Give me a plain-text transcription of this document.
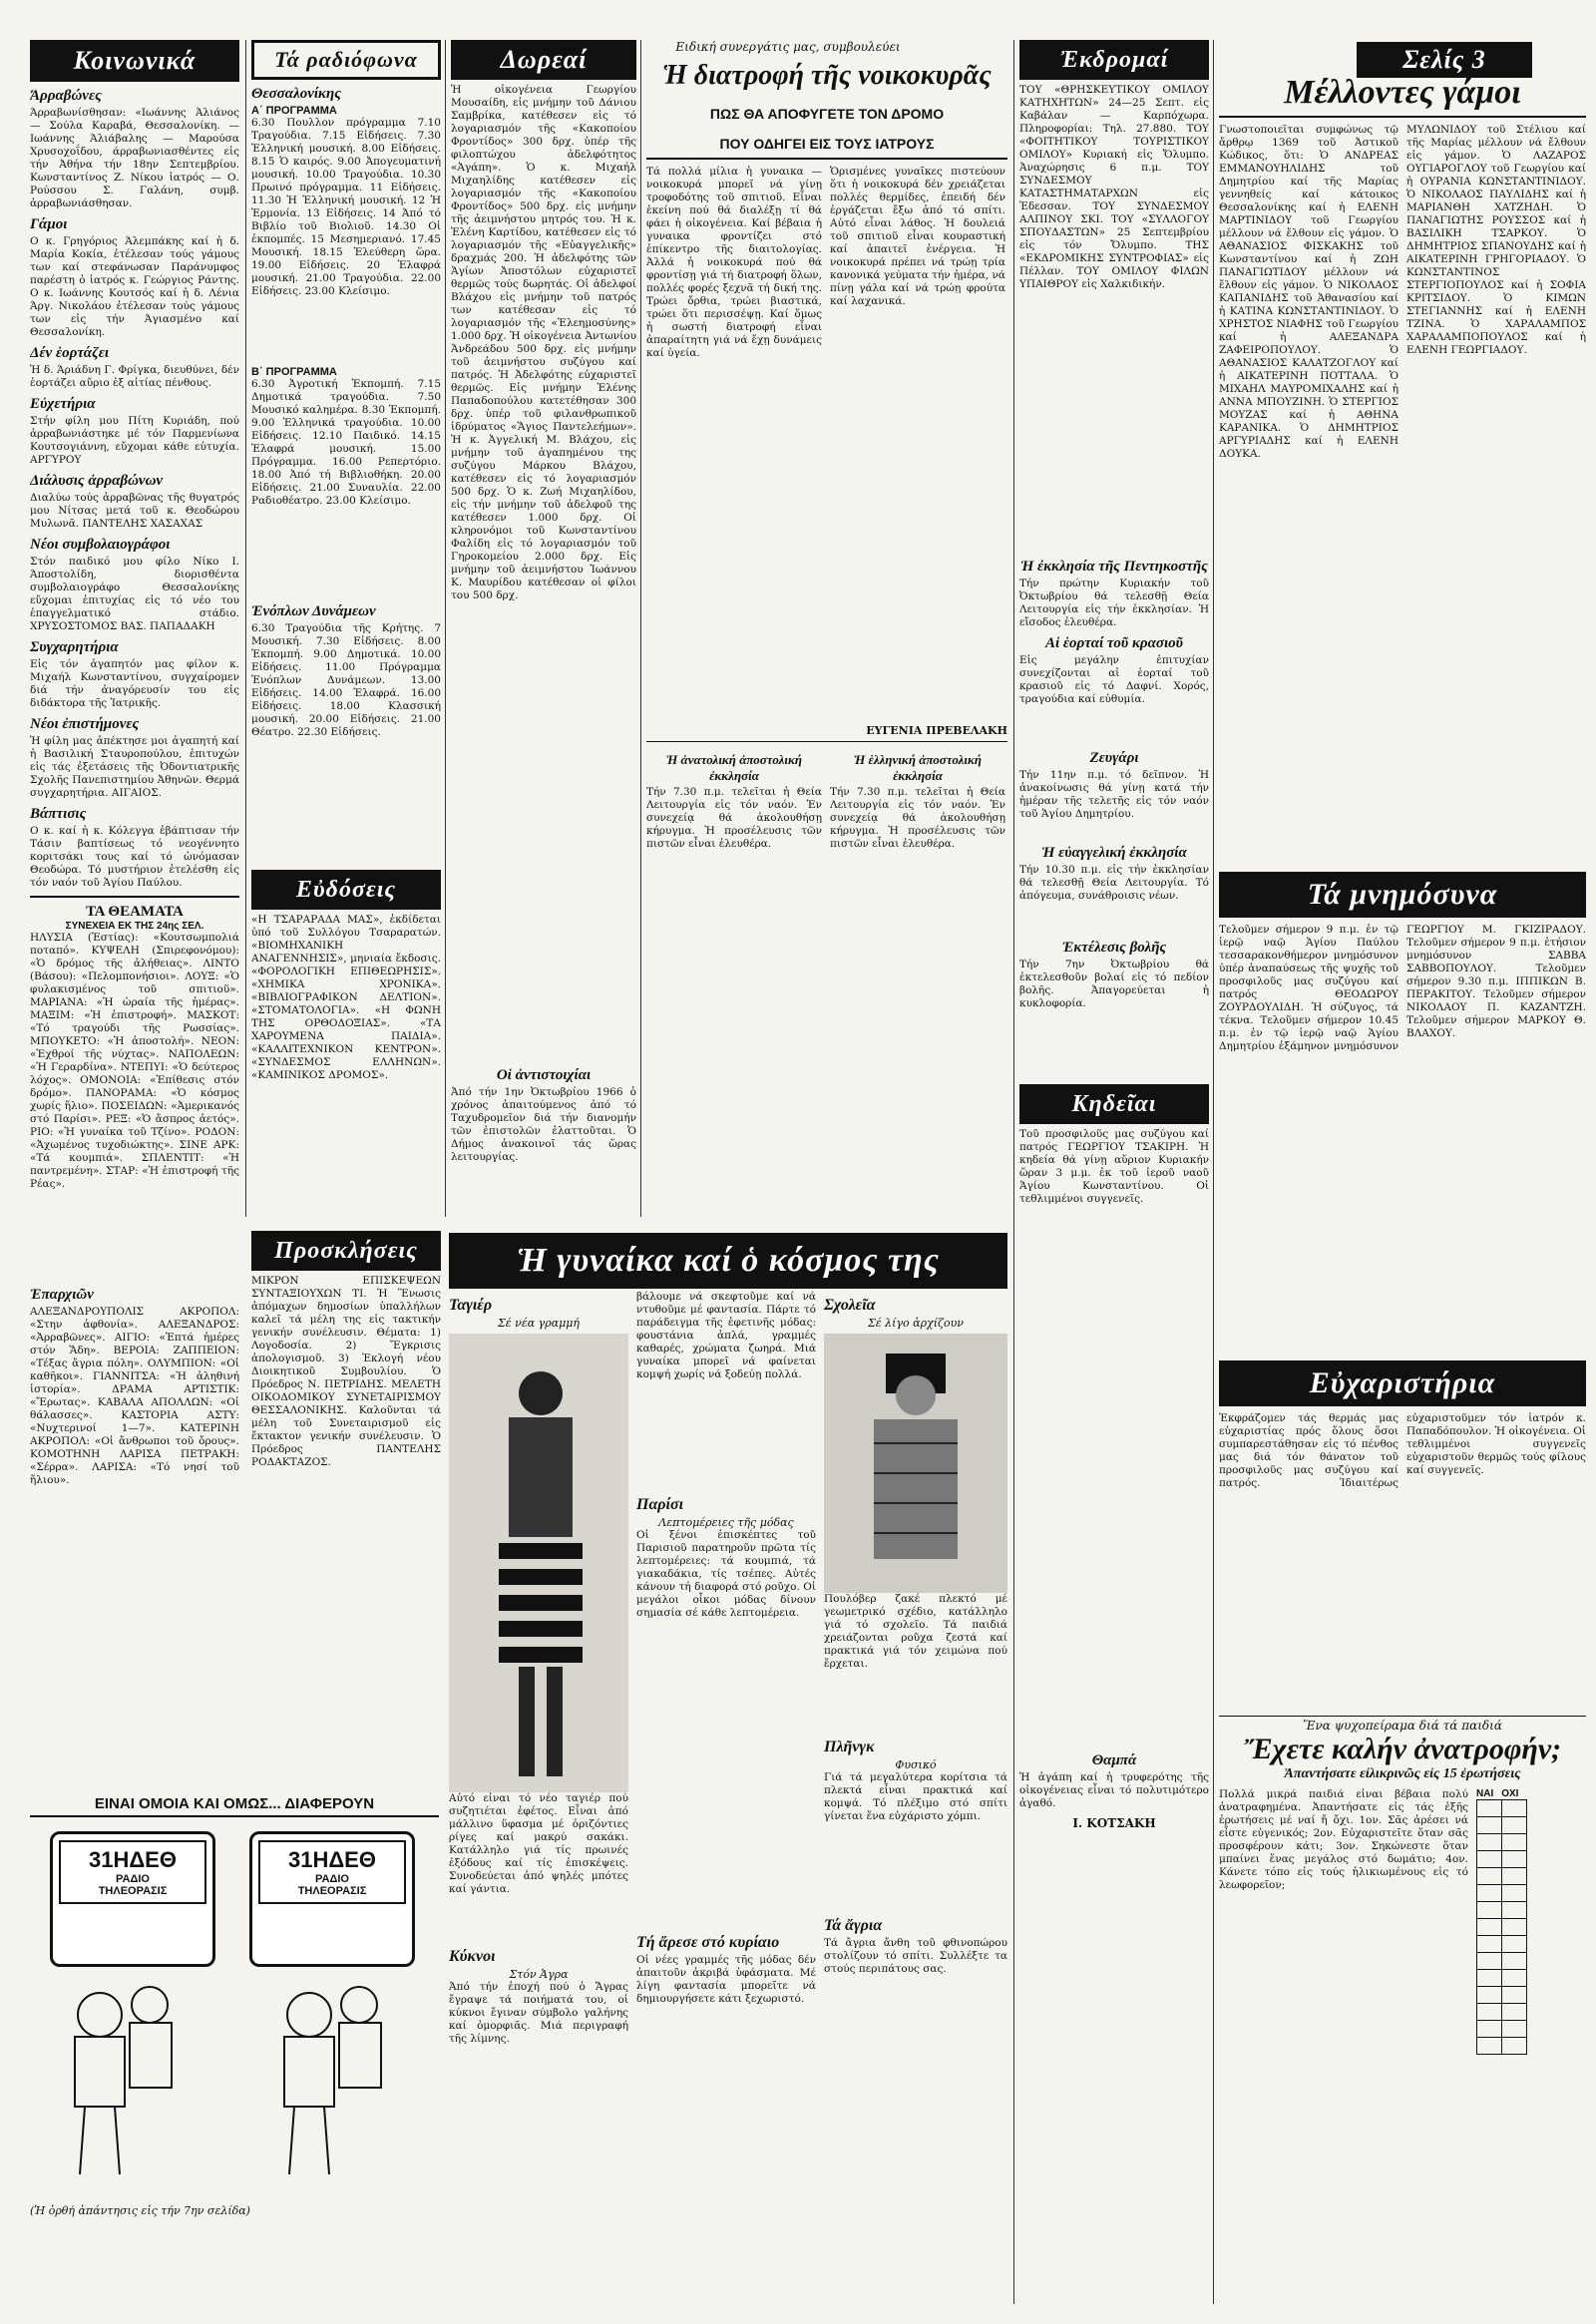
Ειδική συνεργάτις μας, συμβουλεύει	Σελίς 3
Κοινωνικά
Άρραβώνες
Άρραβωνίσθησαν: «Ιωάννης Άλιάνος — Σούλα Καραβά, Θεσσαλονίκη. — Ιωάννης Άλιάβαλης — Μαρούσα Χρυσοχοΐδου, άρραβωνιασθέντες εἰς τήν Ἀθήνα τήν 18ην Σεπτεμβρίου. Κωνσταντίνος Ζ. Νίκου ἰατρός — Ο. Ρούσσου Σ. Γαλάνη, συμβ. ἀρραβωνιάσθησαν.
Γάμοι
Ο κ. Γρηγόριος Άλεμπάκης καί ἡ δ. Μαρία Κοκία, ἐτέλεσαν τούς γάμους των καί στεφάνωσαν Παράνυμφος παρέστη ὁ ἰατρός κ. Γεώργιος Ράντης. Ο κ. Ιωάννης Κουτσός καί ἡ δ. Λένια Άργ. Νικολάου ἐτέλεσαν τούς γάμους των εἰς τήν Άγιασμένο καί Θεσσαλονίκη.
Δέν ἑορτάζει
Ἡ δ. Άριάδνη Γ. Φρίγκα, διευθύνει, δέν ἑορτάζει αὔριο ἐξ αἰτίας πένθους.
Εὐχετήρια
Στήν φίλη μου Πίτη Κυριάδη, πού ἀρραβωνιάστηκε μέ τόν Παρμενίωνα Κουτσογιάννη, εὔχομαι κάθε εὐτυχία. ΑΡΓΥΡΟΥ
Διάλυσις ἀρραβώνων
Διαλύω τούς ἀρραβῶνας τῆς θυγατρός μου Νίτσας μετά τοῦ κ. Θεοδώρου Μυλωνᾶ. ΠΑΝΤΕΛΗΣ ΧΑΣΑΧΑΣ
Νέοι συμβολαιογράφοι
Στόν παιδικό μου φίλο Νίκο Ι. Άποστολίδη, διορισθέντα συμβολαιογράφο Θεσσαλονίκης εὔχομαι ἐπιτυχίας εἰς τό νέο του ἐπαγγελματικό στάδιο. ΧΡΥΣΟΣΤΟΜΟΣ ΒΑΣ. ΠΑΠΑΔΑΚΗ
Συγχαρητήρια
Εἰς τόν ἀγαπητόν μας φίλον κ. Μιχαήλ Κωνσταντίνου, συγχαίρομεν διά τήν ἀναγόρευσίν του εἰς διδάκτορα τῆς Ἰατρικῆς.
Νέοι ἐπιστήμονες
Ἡ φίλη μας ἀπέκτησε μοι ἀγαπητή καί ἡ Βασιλική Σταυροπούλου, ἐπιτυχών εἰς τάς ἐξετάσεις τῆς Ὀδοντιατρικῆς Σχολῆς Πανεπιστημίου Ἀθηνῶν. Θερμά συγχαρητήρια. ΑΙΓΑΙΟΣ.
Βάπτισις
Ο κ. καί ἡ κ. Κόλεγγα ἐβάπτισαν τήν Τάσιν βαπτίσεως τό νεογέννητο κοριτσάκι τους καί τό ὠνόμασαν Θεοδώρα. Τό μυστήριον ἐτελέσθη εἰς τόν ναόν τοῦ Ἁγίου Παύλου.
ΤΑ ΘΕΑΜΑΤΑ
ΣΥΝΕΧΕΙΑ ΕΚ ΤΗΣ 24ης ΣΕΛ.
ΗΛΥΣΙΑ (Ἑστίας): «Κουτσωμπολιά ποταπό». ΚΥΨΕΛΗ (Σπιρεφονόμου): «Ὁ δρόμος τῆς ἀλήθειας». ΛΙΝΤΟ (Βάσου): «Πελομπονήσιοι». ΛΟΥΞ: «Ὁ φυλακισμένος τοῦ σπιτιοῦ». ΜΑΡΙΑΝΑ: «Ἡ ὡραία τῆς ἡμέρας». ΜΑΞΙΜ: «Ἡ ἐπιστροφή». ΜΑΣΚΟΤ: «Τό τραγούδι τῆς Ρωσσίας». ΜΠΟΥΚΕΤΟ: «Ἡ ἀποστολή». ΝΕΟΝ: «Ἐχθροί τῆς νύχτας». ΝΑΠΟΛΕΩΝ: «Ἡ Γεραρδίνα». ΝΤΕΠΥΙ: «Ὁ δεύτερος λόχος». ΟΜΟΝΟΙΑ: «Ἐπίθεσις στόν δρόμο». ΠΑΝΟΡΑΜΑ: «Ὁ κόσμος χωρίς ἥλιο». ΠΟΣΕΙΔΩΝ: «Ἀμερικανός στό Παρίσι». ΡΕΞ: «Ὁ ἄσπρος ἀετός». ΡΙΟ: «Ἡ γυναίκα τοῦ Τζίνο». ΡΟΔΟΝ: «Ἀχωμένος τυχοδιώκτης». ΣΙΝΕ ΑΡΚ: «Τά κουμπιά». ΣΠΛΕΝΤΙΤ: «Ἡ παντρεμένη». ΣΤΑΡ: «Ἡ ἐπιστροφή τῆς Ρέας».
Ἐπαρχιῶν
ΑΛΕΞΑΝΔΡΟΥΠΟΛΙΣ ΑΚΡΟΠΟΛ: «Στην ἀφθονία». ΑΛΕΞΑΝΔΡΟΣ: «Ἀρραβῶνες». ΑΙΓΙΟ: «Ἐπτά ἡμέρες στόν Ἅδη». ΒΕΡΟΙΑ: ΖΑΠΠΕΙΟΝ: «Τέξας ἄγρια πόλη». ΟΛΥΜΠΙΟΝ: «Οἱ καθῆκοι». ΓΙΑΝΝΙΤΣΑ: «Ἡ ἀληθινή ἱστορία». ΔΡΑΜΑ ΑΡΤΙΣΤΙΚ: «Ἔρωτας». ΚΑΒΑΛΑ ΑΠΟΛΛΩΝ: «Οἱ θάλασσες». ΚΑΣΤΟΡΙΑ ΑΣΤΥ: «Νυχτερινοί 1—7». ΚΑΤΕΡΙΝΗ ΑΚΡΟΠΟΛ: «Οἱ ἄνθρωποι τοῦ ὄρους». ΚΟΜΟΤΗΝΗ ΛΑΡΙΣΑ ΠΕΤΡΑΚΗ: «Σέρρα». ΛΑΡΙΣΑ: «Τό νησί τοῦ ἥλιου».
ΕΙΝΑΙ ΟΜΟΙΑ ΚΑΙ ΟΜΩΣ... ΔΙΑΦΕΡΟΥΝ
31ΗΔΕΘ
ΡΑΔΙΟ
ΤΗΛΕΟΡΑΣΙΣ
31ΗΔΕΘ
ΡΑΔΙΟ
ΤΗΛΕΟΡΑΣΙΣ
(Ἡ ὀρθή ἀπάντησις εἰς τήν 7ην σελίδα)
Τά ραδιόφωνα
Θεσσαλονίκης
Α΄ ΠΡΟΓΡΑΜΜΑ
6.30 Πουλλον πρόγραμμα 7.10 Τραγούδια. 7.15 Εἰδήσεις. 7.30 Ἐλληνική μουσική. 8.00 Εἰδήσεις. 8.15 Ὁ καιρός. 9.00 Ἀπογευματινή μουσική. 10.00 Τραγούδια. 10.30 Πρωινό πρόγραμμα. 11 Εἰδήσεις. 11.30 Ἡ Ἐλληνική μουσική. 12 Ἡ Ἑρμονία. 13 Εἰδήσεις. 14 Ἀπό τό Βιβλίο τοῦ Βιολιοῦ. 14.30 Οἱ ἐκπομπές. 15 Μεσημεριανό. 17.45 Μουσική. 18.15 Ἐλεύθερη ὥρα. 19.00 Εἰδήσεις. 20 Ἐλαφρά μουσική. 21.00 Τραγούδια. 22.00 Εἰδήσεις. 23.00 Κλείσιμο.
Β΄ ΠΡΟΓΡΑΜΜΑ
6.30 Ἀγροτική Ἐκπομπή. 7.15 Δημοτικά τραγούδια. 7.50 Μουσικό καλημέρα. 8.30 Ἐκπομπή. 9.00 Ἐλληνικά τραγούδια. 10.00 Εἰδήσεις. 12.10 Παιδικό. 14.15 Ἐλαφρά μουσική. 15.00 Πρόγραμμα. 16.00 Ρεπερτόριο. 18.00 Ἀπό τή Βιβλιοθήκη. 20.00 Εἰδήσεις. 21.00 Συναυλία. 22.00 Ραδιοθέατρο. 23.00 Κλείσιμο.
Ἐνόπλων Δυνάμεων
6.30 Τραγούδια τῆς Κρήτης. 7 Μουσική. 7.30 Εἰδήσεις. 8.00 Ἐκπομπή. 9.00 Δημοτικά. 10.00 Εἰδήσεις. 11.00 Πρόγραμμα Ἐνόπλων Δυνάμεων. 13.00 Εἰδήσεις. 14.00 Ἐλαφρά. 16.00 Εἰδήσεις. 18.00 Κλασσική μουσική. 20.00 Εἰδήσεις. 21.00 Θέατρο. 22.30 Εἰδήσεις.
Εὐδόσεις
«Η ΤΣΑΡΑΡΑΔΑ ΜΑΣ», ἐκδίδεται ὑπό τοῦ Συλλόγου Τσαραρατών. «ΒΙΟΜΗΧΑΝΙΚΗ ΑΝΑΓΕΝΝΗΣΙΣ», μηνιαία ἔκδοσις. «ΦΟΡΟΛΟΓΙΚΗ ΕΠΙΘΕΩΡΗΣΙΣ». «ΧΗΜΙΚΑ ΧΡΟΝΙΚΑ». «ΒΙΒΛΙΟΓΡΑΦΙΚΟΝ ΔΕΛΤΙΟΝ». «ΣΤΟΜΑΤΟΛΟΓΙΑ». «Η ΦΩΝΗ ΤΗΣ ΟΡΘΟΔΟΞΙΑΣ». «ΤΑ ΧΑΡΟΥΜΕΝΑ ΠΑΙΔΙΑ». «ΚΑΛΛΙΤΕΧΝΙΚΟΝ ΚΕΝΤΡΟΝ». «ΣΥΝΔΕΣΜΟΣ ΕΛΛΗΝΩΝ». «ΚΑΜΙΝΙΚΟΣ ΔΡΟΜΟΣ».
Προσκλήσεις
ΜΙΚΡΟΝ ΕΠΙΣΚΕΨΕΩΝ ΣΥΝΤΑΞΙΟΥΧΩΝ ΤΙ. Ἡ Ἕνωσις ἀπόμαχων δημοσίων ὑπαλλήλων καλεῖ τά μέλη της εἰς τακτικήν γενικήν συνέλευσιν. Θέματα: 1) Λογοδοσία. 2) Ἔγκρισις ἀπολογισμοῦ. 3) Ἐκλογή νέου Διοικητικοῦ Συμβουλίου. Ὁ Πρόεδρος Ν. ΠΕΤΡΙΔΗΣ. ΜΕΛΕΤΗ ΟΙΚΟΔΟΜΙΚΟΥ ΣΥΝΕΤΑΙΡΙΣΜΟΥ ΘΕΣΣΑΛΟΝΙΚΗΣ. Καλοῦνται τά μέλη τοῦ Συνεταιρισμοῦ εἰς ἔκτακτον γενικήν συνέλευσιν. Ὁ Πρόεδρος ΠΑΝΤΕΛΗΣ ΡΟΔΑΚΤΑΖΟΣ.
Δωρεαί
Ἡ οἰκογένεια Γεωργίου Μουσαίδη, εἰς μνήμην τοῦ Δάνιου Σαμβρίκα, κατέθεσεν εἰς τό λογαριασμόν τῆς «Κακοποίου Φροντίδος» 300 δρχ. ὑπέρ τῆς φιλοπτώχου ἀδελφότητος «Ἀγάπη». Ὁ κ. Μιχαήλ Μιχαηλίδης κατέθεσεν εἰς λογαριασμόν τῆς «Κακοποίου Φροντίδος» 500 δρχ. εἰς μνήμην τῆς ἀειμνήστου μητρός του. Ἡ κ. Ἑλένη Καρτίδου, κατέθεσεν εἰς τό λογαριασμόν τῆς «Εὐαγγελικῆς» δραχμάς 200. Ἡ ἀδελφότης τῶν Ἁγίων Ἀποστόλων εὐχαριστεῖ θερμῶς τούς δωρητάς. Οἱ ἀδελφοί Βλάχου εἰς μνήμην τοῦ πατρός των κατέθεσαν εἰς τό λογαριασμόν τῆς «Ἐλεημοσύνης» 1.000 δρχ. Ἡ οἰκογένεια Ἀντωνίου Ἀνδρεάδου 500 δρχ. εἰς μνήμην τοῦ ἀειμνήστου συζύγου καί πατρός. Ἡ Ἀδελφότης εὐχαριστεῖ θερμῶς. Εἰς μνήμην Ἑλένης Παπαδοπούλου κατετέθησαν 300 δρχ. ὑπέρ τοῦ φιλανθρωπικοῦ ἱδρύματος «Ἅγιος Παντελεήμων». Ἡ κ. Ἀγγελική Μ. Βλάχου, εἰς μνήμην τοῦ ἀγαπημένου της συζύγου Μάρκου Βλάχου, κατέθεσεν εἰς τό λογαριασμόν 500 δρχ. Ὁ κ. Ζωή Μιχαηλίδου, εἰς τήν μνήμην τοῦ ἀδελφοῦ της κατέθεσεν 1.000 δρχ. Οἱ κληρονόμοι τοῦ Κωνσταντίνου Φαλίδη εἰς τό λογαριασμόν τοῦ Γηροκομείου 2.000 δρχ. Εἰς μνήμην τοῦ ἀειμνήστου Ἰωάννου Κ. Μαυρίδου κατέθεσαν οἱ φίλοι του 500 δρχ.
Οἱ ἀντιστοιχίαι
Ἀπό τήν 1ην Ὀκτωβρίου 1966 ὁ χρόνος ἀπαιτούμενος ἀπό τό Ταχυδρομεῖον διά τήν διανομήν τῶν ἐπιστολῶν ἐλαττοῦται. Ὁ Δήμος ἀνακοινοῖ τάς ὥρας λειτουργίας.
Ἡ διατροφή τῆς νοικοκυρᾶς
ΠΩΣ ΘΑ ΑΠΟΦΥΓΕΤΕ ΤΟΝ ΔΡΟΜΟ
ΠΟΥ ΟΔΗΓΕΙ ΕΙΣ ΤΟΥΣ ΙΑΤΡΟΥΣ
Τά πολλά μίλια ἡ γυναικα — νοικοκυρά μπορεῖ νά γίνῃ τροφοδότης τοῦ σπιτιοῦ. Εἶναι ἐκείνη πού θά διαλέξῃ τί θά φάει ἡ οἰκογένεια. Καί βέβαια ἡ γυναικα φροντίζει στό ἐπίκεντρο τῆς διαιτολογίας. Ἀλλά ἡ νοικοκυρά πού θά φροντίσῃ γιά τή διατροφή ὅλων, πολλές φορές ξεχνᾶ τή δική της. Τρώει ὄρθια, τρώει βιαστικά, τρώει ὅτι περισσέψῃ. Καί ὅμως ἡ σωστή διατροφή εἶναι ἀπαραίτητη γιά νά ἔχῃ δυνάμεις καί ὑγεία.
Ὁρισμένες γυναῖκες πιστεύουν ὅτι ἡ νοικοκυρά δέν χρειάζεται πολλές θερμίδες, ἐπειδή δέν ἐργάζεται ἔξω ἀπό τό σπίτι. Αὐτό εἶναι λάθος. Ἡ δουλειά τοῦ σπιτιοῦ εἶναι κουραστική καί ἀπαιτεῖ ἐνέργεια. Ἡ νοικοκυρά πρέπει νά τρώῃ τρία κανονικά γεύματα τήν ἡμέρα, νά πίνῃ γάλα καί νά τρώῃ φρούτα καί λαχανικά.
ΕΥΓΕΝΙΑ ΠΡΕΒΕΛΑΚΗ
Ἡ ἀνατολική ἀποστολική ἐκκλησία
Τήν 7.30 π.μ. τελεῖται ἡ Θεία Λειτουργία εἰς τόν ναόν. Ἐν συνεχείᾳ θά ἀκολουθήσῃ κήρυγμα. Ἡ προσέλευσις τῶν πιστῶν εἶναι ἐλευθέρα.
Ἡ ἑλληνική ἀποστολική ἐκκλησία
Τήν 7.30 π.μ. τελεῖται ἡ Θεία Λειτουργία εἰς τόν ναόν. Ἐν συνεχείᾳ θά ἀκολουθήσῃ κήρυγμα. Ἡ προσέλευσις τῶν πιστῶν εἶναι ἐλευθέρα.
Ἐκδρομαί
ΤΟΥ «ΘΡΗΣΚΕΥΤΙΚΟΥ ΟΜΙΛΟΥ ΚΑΤΗΧΗΤΩΝ» 24—25 Σεπτ. εἰς Καβάλαν — Καρπόχωρα. Πληροφορίαι: Τηλ. 27.880. ΤΟΥ «ΦΟΙΤΗΤΙΚΟΥ ΤΟΥΡΙΣΤΙΚΟΥ ΟΜΙΛΟΥ» Κυριακή εἰς Ὄλυμπο. Ἀναχώρησις 6 π.μ. ΤΟΥ ΣΥΝΔΕΣΜΟΥ ΚΑΤΑΣΤΗΜΑΤΑΡΧΩΝ εἰς Ἐδεσσαν. ΤΟΥ ΣΥΝΔΕΣΜΟΥ ΑΛΠΙΝΟΥ ΣΚΙ. ΤΟΥ «ΣΥΛΛΟΓΟΥ ΣΠΟΥΔΑΣΤΩΝ» 25 Σεπτεμβρίου εἰς τόν Ὄλυμπο. ΤΗΣ «ΕΚΔΡΟΜΙΚΗΣ ΣΥΝΤΡΟΦΙΑΣ» εἰς Πέλλαν. ΤΟΥ ΟΜΙΛΟΥ ΦΙΛΩΝ ΥΠΑΙΘΡΟΥ εἰς Χαλκιδικήν.
Ἡ ἐκκλησία τῆς Πεντηκοστῆς
Τήν πρώτην Κυριακήν τοῦ Ὀκτωβρίου θά τελεσθῇ Θεία Λειτουργία εἰς τήν ἐκκλησίαν. Ἡ εἴσοδος ἐλευθέρα.
Αἱ ἑορταί τοῦ κρασιοῦ
Εἰς μεγάλην ἐπιτυχίαν συνεχίζονται αἱ ἑορταί τοῦ κρασιοῦ εἰς τό Δαφνί. Χορός, τραγούδια καί εὐθυμία.
Ζευγάρι
Τήν 11ην π.μ. τό δεῖπνον. Ἡ ἀνακοίνωσις θά γίνῃ κατά τήν ἡμέραν τῆς τελετῆς εἰς τόν ναόν τοῦ Ἁγίου Δημητρίου.
Ἡ εὐαγγελική ἐκκλησία
Τήν 10.30 π.μ. εἰς τήν ἐκκλησίαν θά τελεσθῇ Θεία Λειτουργία. Τό ἀπόγευμα, συνάθροισις νέων.
Ἐκτέλεσις βολῆς
Τήν 7ην Ὀκτωβρίου θά ἐκτελεσθοῦν βολαί εἰς τό πεδίον βολῆς. Ἀπαγορεύεται ἡ κυκλοφορία.
Κηδεῖαι
Τοῦ προσφιλοῦς μας συζύγου καί πατρός ΓΕΩΡΓΙΟΥ ΤΣΑΚΙΡΗ. Ἡ κηδεία θά γίνῃ αὔριον Κυριακήν ὥραν 3 μ.μ. ἐκ τοῦ ἰεροῦ ναοῦ Ἁγίου Κωνσταντίνου. Οἱ τεθλιμμένοι συγγενεῖς.
Θαμπά
Ἡ ἀγάπη καί ἡ τρυφερότης τῆς οἰκογένειας εἶναι τό πολυτιμότερο ἀγαθό.
Ι. ΚΟΤΣΑΚΗ
Μέλλοντες γάμοι
Γνωστοποιεῖται συμφώνως τῷ ἄρθρῳ 1369 τοῦ Ἀστικοῦ Κώδικος, ὅτι: Ὁ ΑΝΔΡΕΑΣ ΕΜΜΑΝΟΥΗΛΙΔΗΣ τοῦ Δημητρίου καί τῆς Μαρίας γεννηθείς καί κάτοικος Θεσσαλονίκης καί ἡ ΕΛΕΝΗ ΜΑΡΤΙΝΙΔΟΥ τοῦ Γεωργίου μέλλουν νά ἔλθουν εἰς γάμον. Ὁ ΑΘΑΝΑΣΙΟΣ ΦΙΣΚΑΚΗΣ τοῦ Κωνσταντίνου καί ἡ ΖΩΗ ΠΑΝΑΓΙΩΤΙΔΟΥ μέλλουν νά ἔλθουν εἰς γάμον. Ὁ ΝΙΚΟΛΑΟΣ ΚΑΠΑΝΙΔΗΣ τοῦ Ἀθανασίου καί ἡ ΚΑΤΙΝΑ ΚΩΝΣΤΑΝΤΙΝΙΔΟΥ. Ὁ ΧΡΗΣΤΟΣ ΝΙΑΦΗΣ τοῦ Γεωργίου καί ἡ ΑΛΕΞΑΝΔΡΑ ΖΑΦΕΙΡΟΠΟΥΛΟΥ. Ὁ ΑΘΑΝΑΣΙΟΣ ΚΑΛΑΤΖΟΓΛΟΥ καί ἡ ΑΙΚΑΤΕΡΙΝΗ ΠΟΤΤΑΛΑ. Ὁ ΜΙΧΑΗΛ ΜΑΥΡΟΜΙΧΑΛΗΣ καί ἡ ΑΝΝΑ ΜΠΟΥΖΙΝΗ. Ὁ ΣΤΕΡΓΙΟΣ ΜΟΥΖΑΣ καί ἡ ΑΘΗΝΑ ΚΑΡΑΝΙΚΑ. Ὁ ΔΗΜΗΤΡΙΟΣ ΑΡΓΥΡΙΑΔΗΣ καί ἡ ΕΛΕΝΗ ΔΟΥΚΑ.
ΜΥΛΩΝΙΔΟΥ τοῦ Στέλιου καί τῆς Μαρίας μέλλουν νά ἔλθουν εἰς γάμον. Ὁ ΛΑΖΑΡΟΣ ΟΥΓΙΑΡΟΓΛΟΥ τοῦ Γεωργίου καί ἡ ΟΥΡΑΝΙΑ ΚΩΝΣΤΑΝΤΙΝΙΔΟΥ. Ὁ ΝΙΚΟΛΑΟΣ ΠΑΥΛΙΔΗΣ καί ἡ ΜΑΡΙΑΝΘΗ ΧΑΤΖΗΔΗ. Ὁ ΠΑΝΑΓΙΩΤΗΣ ΡΟΥΣΣΟΣ καί ἡ ΒΑΣΙΛΙΚΗ ΤΣΑΡΚΟΥ. Ὁ ΔΗΜΗΤΡΙΟΣ ΣΠΑΝΟΥΔΗΣ καί ἡ ΑΙΚΑΤΕΡΙΝΗ ΓΡΗΓΟΡΙΑΔΟΥ. Ὁ ΚΩΝΣΤΑΝΤΙΝΟΣ ΣΤΕΡΓΙΟΠΟΥΛΟΣ καί ἡ ΣΟΦΙΑ ΚΡΙΤΣΙΔΟΥ. Ὁ ΚΙΜΩΝ ΣΤΕΓΙΑΝΝΗΣ καί ἡ ΕΛΕΝΗ ΤΖΙΝΑ. Ὁ ΧΑΡΑΛΑΜΠΟΣ ΧΑΡΑΛΑΜΠΟΠΟΥΛΟΣ καί ἡ ΕΛΕΝΗ ΓΕΩΡΓΙΑΔΟΥ.
Τά μνημόσυνα
Τελοῦμεν σήμερον 9 π.μ. ἐν τῷ ἰερῷ ναῷ Ἁγίου Παύλου τεσσαρακονθήμερον μνημόσυνον ὑπέρ ἀναπαύσεως τῆς ψυχῆς τοῦ προσφιλοῦς μας συζύγου καί πατρός ΘΕΟΔΩΡΟΥ ΖΟΥΡΔΟΥΛΙΔΗ. Ἡ σύζυγος, τά τέκνα. Τελοῦμεν σήμερον 10.45 π.μ. ἐν τῷ ἰερῷ ναῷ Ἁγίου Δημητρίου ἑξάμηνον μνημόσυνον ΓΕΩΡΓΙΟΥ Μ. ΓΚΙΖΙΡΑΔΟΥ. Τελοῦμεν σήμερον 9 π.μ. ἐτήσιον μνημόσυνον ΣΑΒΒΑ ΣΑΒΒΟΠΟΥΛΟΥ. Τελοῦμεν σήμερον 9.30 π.μ. ΙΠΠΙΚΩΝ Β. ΠΕΡΑΚΙΤΟΥ. Τελοῦμεν σήμερον ΝΙΚΟΛΑΟΥ Π. ΚΑΖΑΝΤΖΗ. Τελοῦμεν σήμερον ΜΑΡΚΟΥ Θ. ΒΛΑΧΟΥ.
Εὐχαριστήρια
Ἐκφράζομεν τάς θερμάς μας εὐχαριστίας πρός ὅλους ὅσοι συμπαρεστάθησαν εἰς τό πένθος μας διά τόν θάνατον τοῦ προσφιλοῦς μας συζύγου καί πατρός. Ἰδιαιτέρως εὐχαριστοῦμεν τόν ἰατρόν κ. Παπαδόπουλον. Ἡ οἰκογένεια. Οἱ τεθλιμμένοι συγγενεῖς εὐχαριστοῦν θερμῶς τούς φίλους καί συγγενεῖς.
Ἕνα ψυχοπείραμα διά τά παιδιά
Ἔχετε καλήν ἀνατροφήν;
Ἀπαντήσατε εἰλικρινῶς εἰς 15 ἐρωτήσεις
Πολλά μικρά παιδιά εἶναι βέβαια πολύ ἀνατραφημένα. Ἀπαντήσατε εἰς τάς ἑξῆς ἐρωτήσεις μέ ναί ἤ ὄχι. 1ον. Σᾶς ἀρέσει νά εἶστε εὐγενικός; 2ον. Εὐχαριστεῖτε ὅταν σᾶς προσφέρουν κάτι; 3ον. Σηκώνεστε ὅταν μπαίνει ἕνας μεγάλος στό δωμάτιο; 4ον. Κάνετε τόπο εἰς τούς ἡλικιωμένους εἰς τό λεωφορεῖον;
ΝΑΙ ΟΧΙ

Ἡ γυναίκα καί ὁ κόσμος της
Ταγιέρ
Σέ νέα γραμμή
Αὐτό εἶναι τό νέο ταγιέρ πού συζητιέται ἐφέτος. Εἶναι ἀπό μάλλινο ὕφασμα μέ ὁριζόντιες ρίγες καί μακρύ σακάκι. Κατάλληλο γιά τίς πρωινές ἐξόδους καί τίς ἐπισκέψεις. Συνοδεύεται ἀπό ψηλές μπότες καί γάντια.
Κύκνοι
Στόν Ἀγρα
Ἀπό τήν ἐποχή πού ὁ Ἄγρας ἔγραψε τά ποιήματά του, οἱ κύκνοι ἔγιναν σύμβολο γαλήνης καί ὀμορφιᾶς. Μιά περιγραφή τῆς λίμνης.
βάλουμε νά σκεφτοῦμε καί νά ντυθοῦμε μέ φαντασία. Πάρτε τό παράδειγμα τῆς ἐφετινῆς μόδας: φουστάνια ἁπλά, γραμμές καθαρές, χρώματα ζωηρά. Μιά γυναίκα μπορεῖ νά φαίνεται κομψή χωρίς νά ξοδεύῃ πολλά.
Παρίσι
Λεπτομέρειες τῆς μόδας
Οἱ ξένοι ἐπισκέπτες τοῦ Παρισιοῦ παρατηροῦν πρῶτα τίς λεπτομέρειες: τά κουμπιά, τά γιακαδάκια, τίς τσέπες. Αὐτές κάνουν τή διαφορά στό ροῦχο. Οἱ μεγάλοι οἶκοι μόδας δίνουν σημασία σέ κάθε λεπτομέρεια.
Τή ἄρεσε στό κυρίαιο
Οἱ νέες γραμμές τῆς μόδας δέν ἀπαιτοῦν ἀκριβά ὑφάσματα. Μέ λίγη φαντασία μπορεῖτε νά δημιουργήσετε κάτι ξεχωριστό.
Σχολεῖα
Σέ λίγο ἀρχίζουν
Πουλόβερ ζακέ πλεκτό μέ γεωμετρικό σχέδιο, κατάλληλο γιά τό σχολεῖο. Τά παιδιά χρειάζονται ροῦχα ζεστά καί πρακτικά γιά τόν χειμώνα πού ἔρχεται.
Πλῆνγκ
Φυσικό
Γιά τά μεγαλύτερα κορίτσια τά πλεκτά εἶναι πρακτικά καί κομψά. Τό πλέξιμο στό σπίτι γίνεται ἕνα εὐχάριστο χόμπι.
Τά ἄγρια
Τά ἄγρια ἄνθη τοῦ φθινοπώρου στολίζουν τό σπίτι. Συλλέξτε τα στούς περιπάτους σας.
